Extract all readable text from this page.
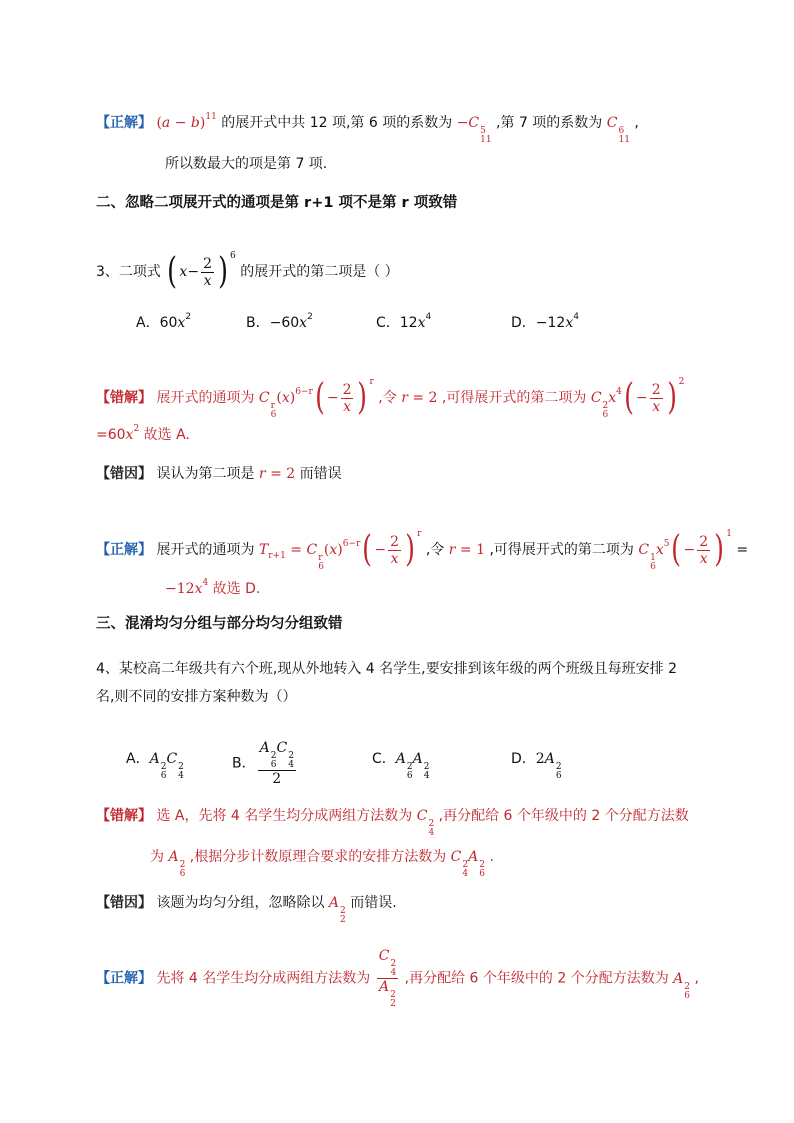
【正解】 $(a - b)^{11}$ 的展开式中共 12 项,第 6 项的系数为 −C 5
11
,第 7 项的系数为 C 6
11
,
所以数最大的项是第 7 项.
二、忽略二项展开式的通项是第 r+1 项不是第 r 项致错
3、二项式 ( $x- \frac{2}{x}$ ) 6 的展开式的第二项是（ ）
A．$60x^2$	B．$-60x^2$	C．$12x^4$	D．$-12x^4$
【错解】 展开式的通项为 C r
6
$(x)^{6-r}( - \frac{2}{x}$ ) r ,令 r = 2 ,可得展开式的第二项为 C 2
6
$x^4( - \frac{2}{x}$ ) 2
$=60x^2$ 故选 A.
【错因】 误认为第二项是 r = 2 而错误
【正解】 展开式的通项为 $T_{r+1} = C$ r
6
$(x)^{6-r}( - \frac{2}{x}$ ) r ,令 r = 1 ,可得展开式的第二项为 C 1
6
$x^5( - \frac{2}{x}$ ) 1 =
$-12x^4$ 故选 D.
三、混淆均匀分组与部分均匀分组致错
4、某校高二年级共有六个班,现从外地转入 4 名学生,要安排到该年级的两个班级且每班安排 2
名,则不同的安排方案种数为（）
A．A 2
6
C 2
4
B． A 2
6
C 2
4
2	C．A 2
6
A 2
4
D．2A 2
6
【错解】 选 A，先将 4 名学生均分成两组方法数为 C 2
4
,再分配给 6 个年级中的 2 个分配方法数
为 A 2
6
,根据分步计数原理合要求的安排方法数为 C 2
4
A 2
6
.
【错因】 该题为均匀分组，忽略除以 A 2
2
而错误.
【正解】 先将 4 名学生均分成两组方法数为 C 2
4
A 2
2 ,再分配给 6 个年级中的 2 个分配方法数为 A 2
6
,
